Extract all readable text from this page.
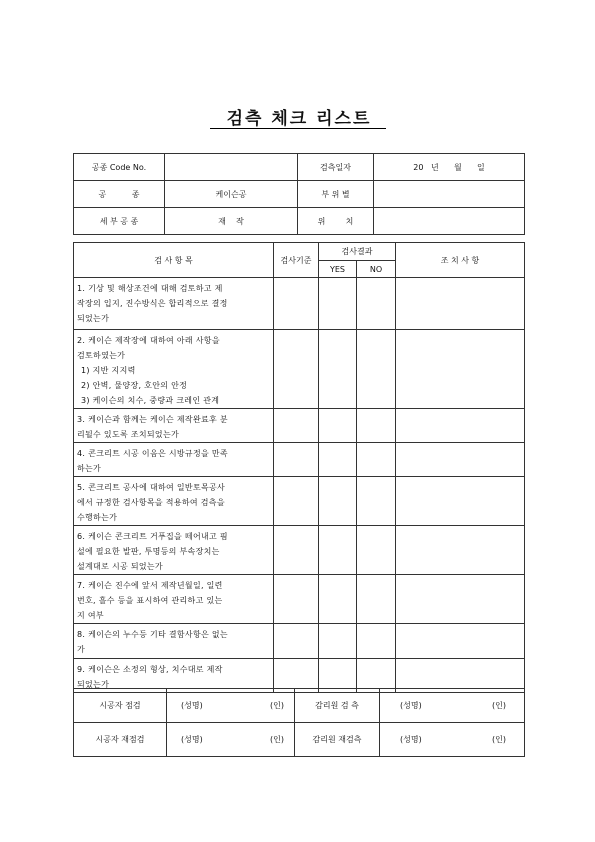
검측 체크 리스트
공종 Code No.		검측일자	20   년      월      일
공          종	케이슨공	부 위 별	
세 부 공 종	재    작	위        치	
검 사 항 목	검사기준	검사결과		조 치 사 항
		YES	NO	

1. 기상 및 해상조건에 대해 검토하고 제
작장의 입지, 진수방식은 합리적으로 결정
되었는가				

2. 케이슨 제작장에 대하여 아래 사항을
검토하였는가
1) 지반 지지력
2) 안벽, 물양장, 호안의 안정
3) 케이슨의 치수, 중량과 크레인 관계				

3. 케이슨과 함께는 케이슨 제작완료후 분
리될수 있도록 조치되었는가				

4. 콘크리트 시공 이음은 시방규정을 만족
하는가				

5. 콘크리트 공사에 대하여 일반토목공사
에서 규정한 검사항목을 적용하여 검측을
수행하는가				

6. 케이슨 콘크리트 거푸집을 떼어내고 핌
설에 필요한 발판, 투명등의 부속장치는
설계대로 시공 되었는가				

7. 케이슨 진수에 앞서 제작년월일, 일련
번호, 흘수 등을 표시하여 관리하고 있는
지 여부				

8. 케이슨의 누수등 기타 결함사항은 없는
가				

9. 케이슨은 소정의 형상, 치수대로 제작
되었는가				

시공자 점검	(성명) (인)	감리원 검 측	(성명) (인)

시공자 재점검	(성명) (인)	감리원 재검측	(성명) (인)
